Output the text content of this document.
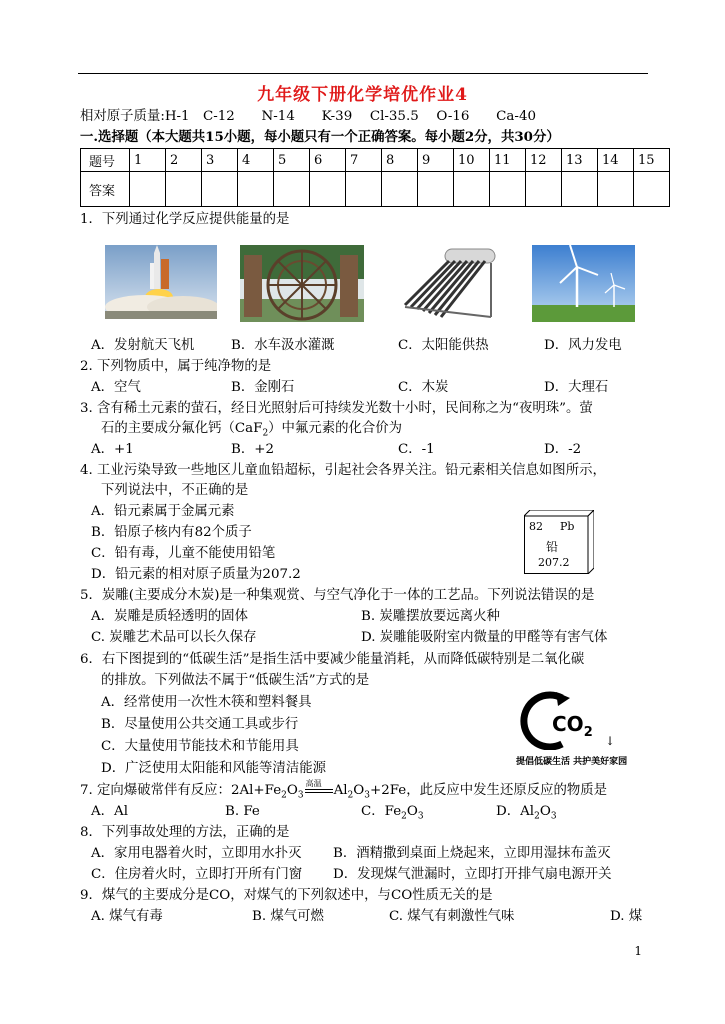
九年级下册化学培优作业4
相对原子质量:H-1　C-12　　N-14　　K-39　 Cl-35.5　 O-16　　Ca-40
一.选择题（本大题共15小题，每小题只有一个正确答案。每小题2分，共30分）
题号	1	2	3	4	5	6	7	8	9	10	11	12	13	14	15
答案															
1．下列通过化学反应提供能量的是
A．发射航天飞机	B．水车汲水灌溉	C．太阳能供热	D．风力发电
2. 下列物质中，属于纯净物的是
A．空气	B．金刚石	C．木炭	D．大理石
3. 含有稀土元素的萤石，经日光照射后可持续发光数十小时，民间称之为“夜明珠”。萤
石的主要成分氟化钙（CaF$_2$）中氟元素的化合价为
A．+1	B．+2	C．-1	D．-2
4. 工业污染导致一些地区儿童血铅超标，引起社会各界关注。铅元素相关信息如图所示，
下列说法中，不正确的是
A．铅元素属于金属元素
B．铅原子核内有82个质子
C．铅有毒，儿童不能使用铅笔
D．铅元素的相对原子质量为207.2
82 Pb
铅
207.2
5．炭雕(主要成分木炭)是一种集观赏、与空气净化于一体的工艺品。下列说法错误的是
A．炭雕是质轻透明的固体	B. 炭雕摆放要远离火种
C. 炭雕艺术品可以长久保存	D. 炭雕能吸附室内微量的甲醛等有害气体
6．右下图提到的“低碳生活”是指生活中要减少能量消耗，从而降低碳特别是二氧化碳
的排放。下列做法不属于“低碳生活”方式的是
A．经常使用一次性木筷和塑料餐具
B．尽量使用公共交通工具或步行
C．大量使用节能技术和节能用具
D．广泛使用太阳能和风能等清洁能源
$CO_2$
↓
提倡低碳生活 共护美好家园
7. 定向爆破常伴有反应：$2Al+Fe_2O_3$
高温 $Al_2O_3+2Fe$，此反应中发生还原反应的物质是
A．Al	B. Fe	C．$Fe_2O_3$	D．$Al_2O_3$
8．下列事故处理的方法，正确的是
A．家用电器着火时，立即用水扑灭 B．酒精撒到桌面上烧起来，立即用湿抹布盖灭
C．住房着火时，立即打开所有门窗 D．发现煤气泄漏时，立即打开排气扇电源开关
9．煤气的主要成分是CO，对煤气的下列叙述中，与CO性质无关的是
A. 煤气有毒	B. 煤气可燃	C. 煤气有刺激性气味	D. 煤
1
